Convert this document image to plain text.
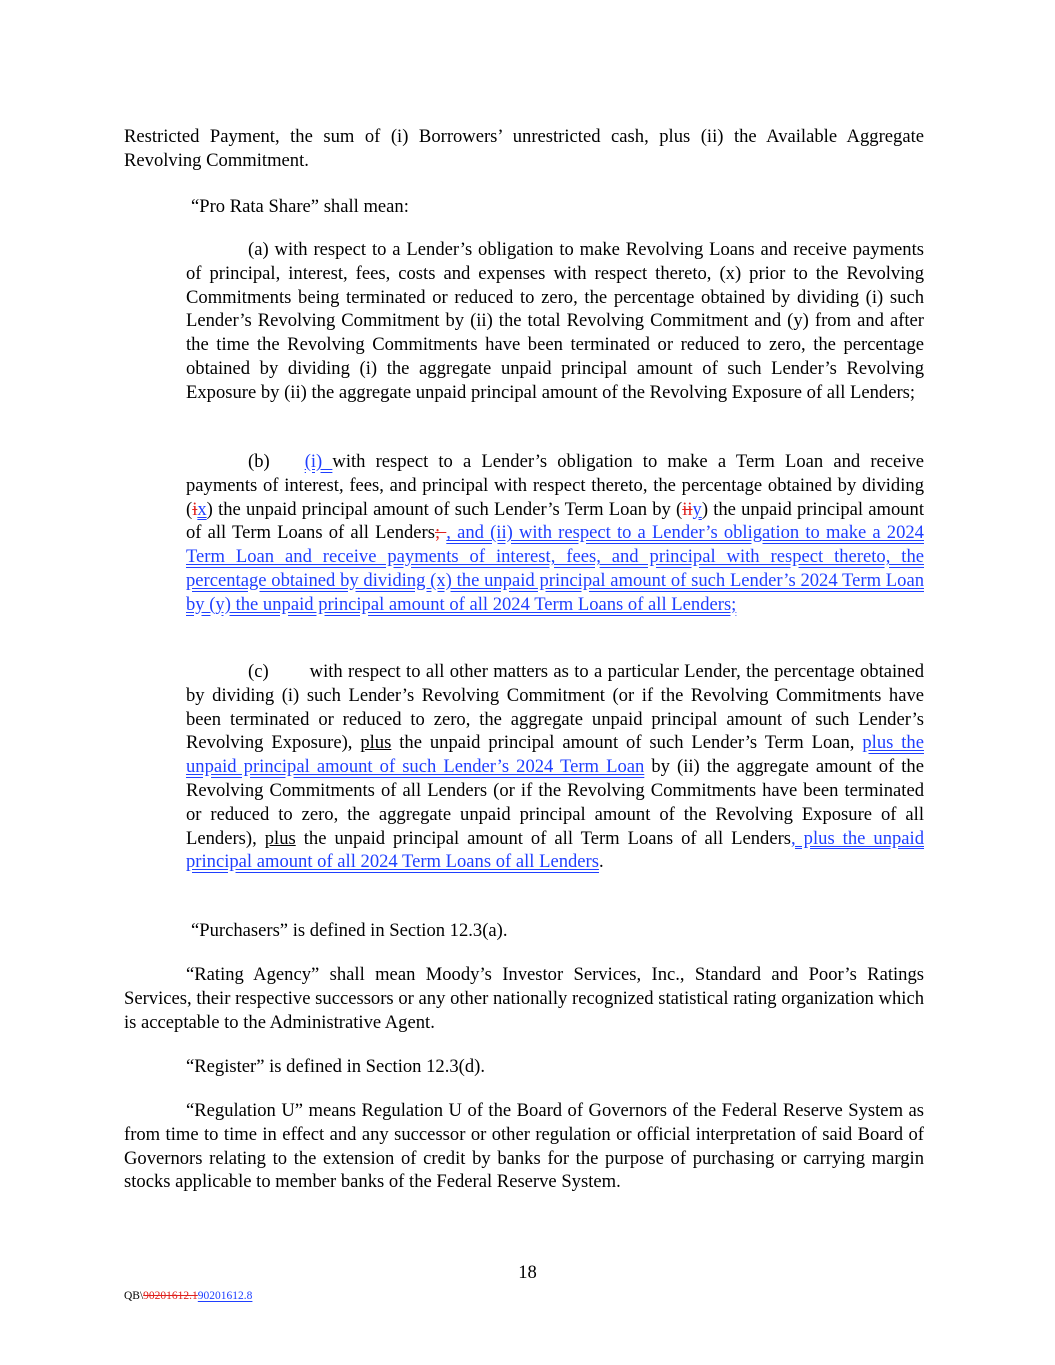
Restricted Payment, the sum of (i) Borrowers’ unrestricted cash, plus (ii) the Available Aggregate Revolving Commitment.

“Pro Rata Share” shall mean:

(a) with respect to a Lender’s obligation to make Revolving Loans and receive payments of principal, interest, fees, costs and expenses with respect thereto, (x) prior to the Revolving Commitments being terminated or reduced to zero, the percentage obtained by dividing (i) such Lender’s Revolving Commitment by (ii) the total Revolving Commitment and (y) from and after the time the Revolving Commitments have been terminated or reduced to zero, the percentage obtained by dividing (i) the aggregate unpaid principal amount of such Lender’s Revolving Exposure by (ii) the aggregate unpaid principal amount of the Revolving Exposure of all Lenders;

(b) (i) with respect to a Lender’s obligation to make a Term Loan and receive payments of interest, fees, and principal with respect thereto, the percentage obtained by dividing (ix) the unpaid principal amount of such Lender’s Term Loan by (iiy) the unpaid principal amount of all Term Loans of all Lenders; , and (ii) with respect to a Lender’s obligation to make a 2024 Term Loan and receive payments of interest, fees, and principal with respect thereto, the percentage obtained by dividing (x) the unpaid principal amount of such Lender’s 2024 Term Loan by (y) the unpaid principal amount of all 2024 Term Loans of all Lenders;

(c) with respect to all other matters as to a particular Lender, the percentage obtained by dividing (i) such Lender’s Revolving Commitment (or if the Revolving Commitments have been terminated or reduced to zero, the aggregate unpaid principal amount of such Lender’s Revolving Exposure), plus the unpaid principal amount of such Lender’s Term Loan, plus the unpaid principal amount of such Lender’s 2024 Term Loan by (ii) the aggregate amount of the Revolving Commitments of all Lenders (or if the Revolving Commitments have been terminated or reduced to zero, the aggregate unpaid principal amount of the Revolving Exposure of all Lenders), plus the unpaid principal amount of all Term Loans of all Lenders, plus the unpaid principal amount of all 2024 Term Loans of all Lenders.

“Purchasers” is defined in Section 12.3(a).

“Rating Agency” shall mean Moody’s Investor Services, Inc., Standard and Poor’s Ratings Services, their respective successors or any other nationally recognized statistical rating organization which is acceptable to the Administrative Agent.

“Register” is defined in Section 12.3(d).

“Regulation U” means Regulation U of the Board of Governors of the Federal Reserve System as from time to time in effect and any successor or other regulation or official interpretation of said Board of Governors relating to the extension of credit by banks for the purpose of purchasing or carrying margin stocks applicable to member banks of the Federal Reserve System.

18
QB\90201612.190201612.8
